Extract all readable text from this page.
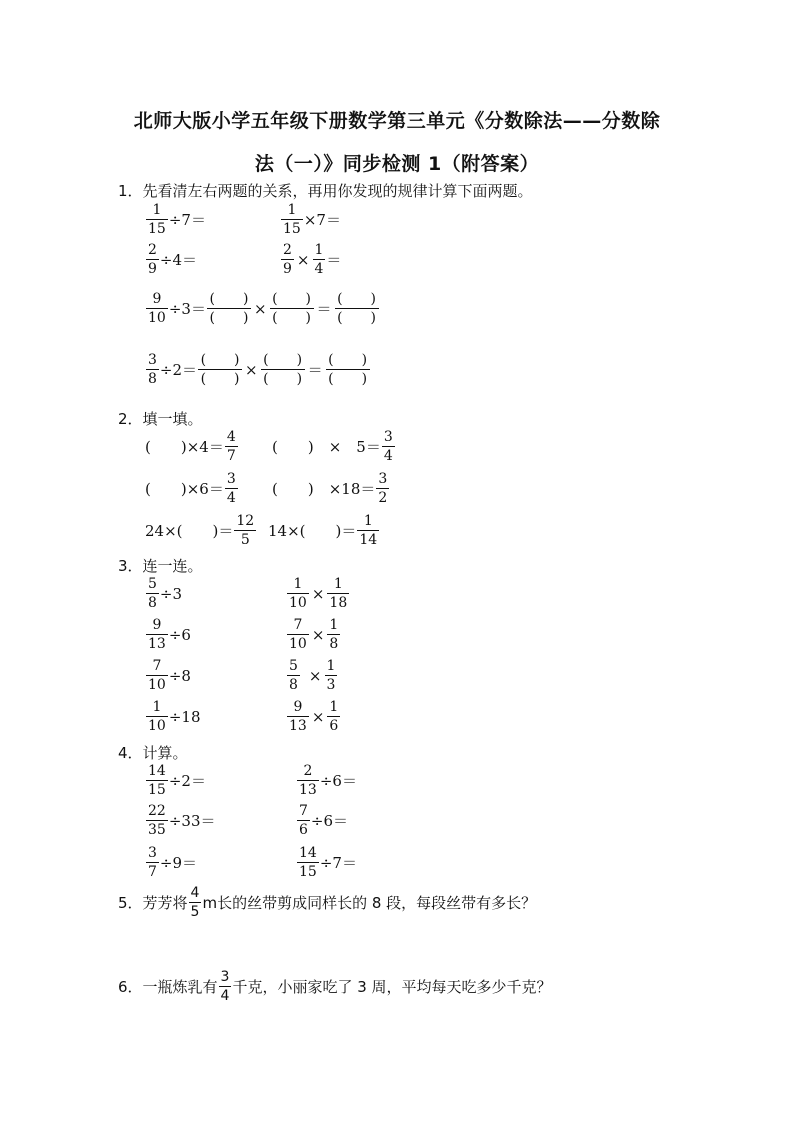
北师大版小学五年级下册数学第三单元《分数除法——分数除
法（一）》同步检测 1（附答案）
1．先看清左右两题的关系，再用你发现的规律计算下面两题。
$\frac{1}{15} \div 7=$	$\frac{1}{15} \times 7=$
$\frac{2}{9} \div 4=$	$\frac{2}{9} \times \frac{1}{4}$ ＝
$\frac{9}{10} \div 3= \frac{( )}{( )} \times \frac{( )}{( )} = \frac{( )}{( )}$
$\frac{3}{8} \div 2= \frac{( )}{( )} \times \frac{( )}{( )} = \frac{( )}{( )}$
2．填一填。
(　　)$\times 4= \frac{4}{7}$ (　　)　×　$5= \frac{3}{4}$
(　　)$\times 6= \frac{3}{4}$ (　　)　$\times 18= \frac{3}{2}$
24×(　　)＝ $\frac{12}{5} 14\times$(　　)＝ $\frac{1}{14}$
3．连一连。
$\frac{5}{8} \div 3$
$\frac{9}{13} \div 6$
$\frac{7}{10} \div 8$
$\frac{1}{10} \div 18$
$\frac{1}{10} \times \frac{1}{18}$
$\frac{7}{10} \times \frac{1}{8}$
$\frac{5}{8} \times \frac{1}{3}$
$\frac{9}{13} \times \frac{1}{6}$
4．计算。
$\frac{14}{15} \div 2=$
$\frac{22}{35} \div 33=$
$\frac{3}{7} \div 9=$
$\frac{2}{13} \div 6=$
$\frac{7}{6} \div 6=$
$\frac{14}{15} \div 7=$
5．芳芳将 $\frac{4}{5}$ m长的丝带剪成同样长的 8 段，每段丝带有多长？
6．一瓶炼乳有 $\frac{3}{4}$ 千克，小丽家吃了 3 周，平均每天吃多少千克？
